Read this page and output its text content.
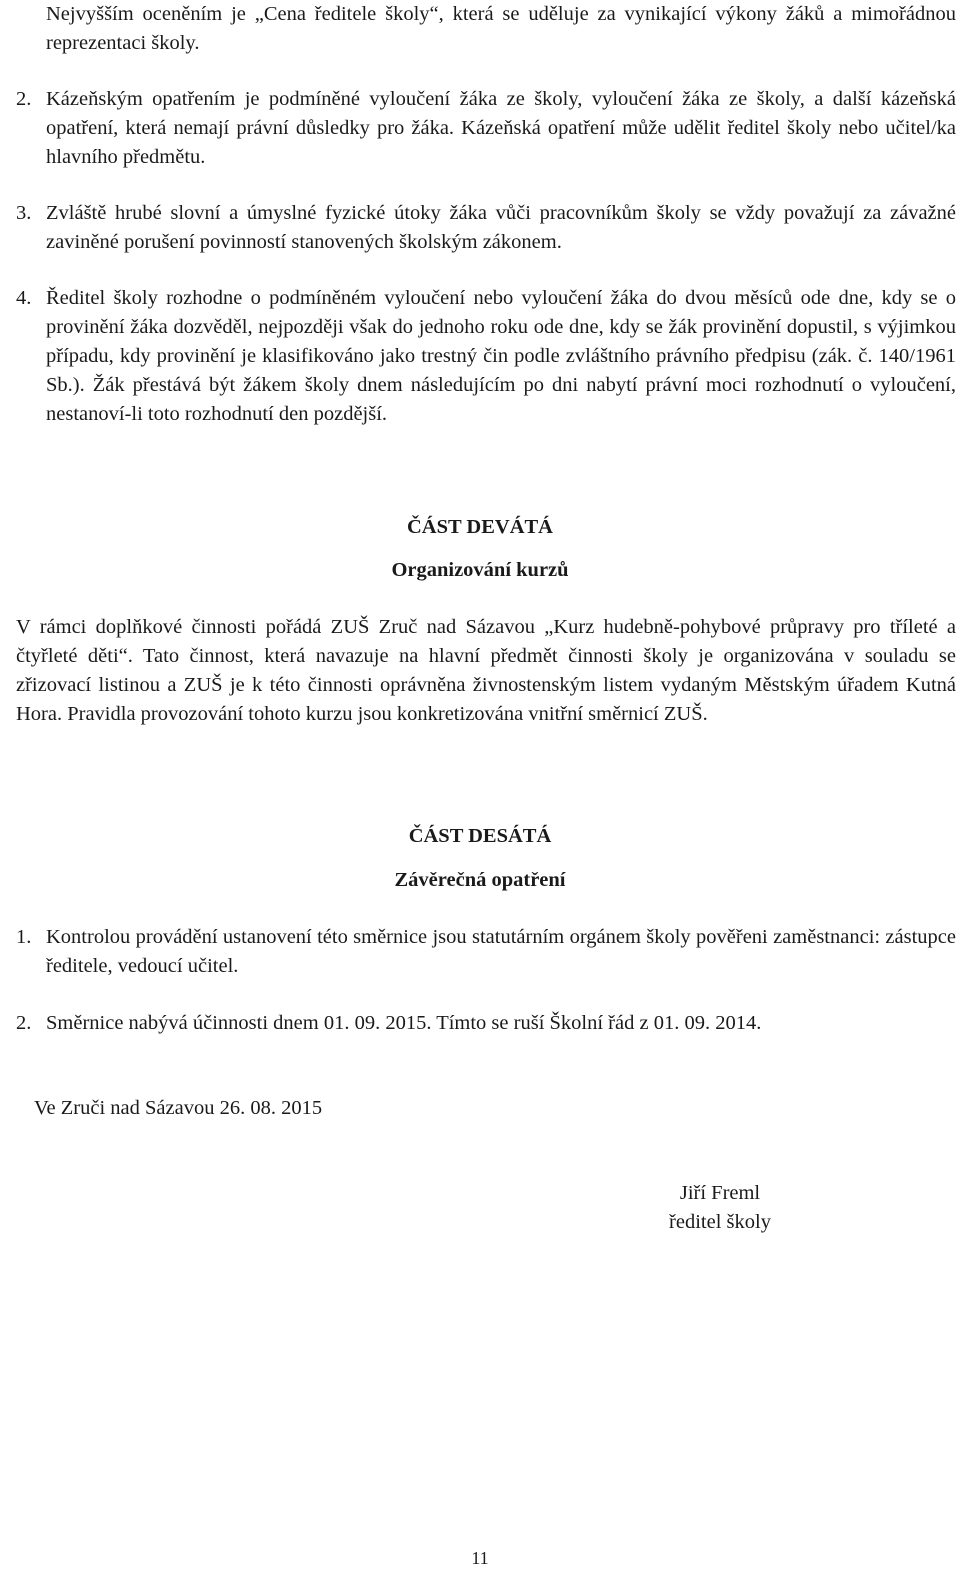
Nejvyšším oceněním je „Cena ředitele školy“, která se uděluje za vynikající výkony žáků a mimořádnou reprezentaci školy.
2. Kázeňským opatřením je podmíněné vyloučení žáka ze školy, vyloučení žáka ze školy, a další kázeňská opatření, která nemají právní důsledky pro žáka. Kázeňská opatření může udělit ředitel školy nebo učitel/ka hlavního předmětu.
3. Zvláště hrubé slovní a úmyslné fyzické útoky žáka vůči pracovníkům školy se vždy považují za závažné zaviněné porušení povinností stanovených školským zákonem.
4. Ředitel školy rozhodne o podmíněném vyloučení nebo vyloučení žáka do dvou měsíců ode dne, kdy se o provinění žáka dozvěděl, nejpozději však do jednoho roku ode dne, kdy se žák provinění dopustil, s výjimkou případu, kdy provinění je klasifikováno jako trestný čin podle zvláštního právního předpisu (zák. č. 140/1961 Sb.). Žák přestává být žákem školy dnem následujícím po dni nabytí právní moci rozhodnutí o vyloučení, nestanoví-li toto rozhodnutí den pozdější.
ČÁST DEVÁTÁ
Organizování kurzů
V rámci doplňkové činnosti pořádá ZUŠ Zruč nad Sázavou „Kurz hudebně-pohybové průpravy pro tříleté a čtyřleté děti“. Tato činnost, která navazuje na hlavní předmět činnosti školy je organizována v souladu se zřizovací listinou a ZUŠ je k této činnosti oprávněna živnostenským listem vydaným Městským úřadem Kutná Hora. Pravidla provozování tohoto kurzu jsou konkretizována vnitřní směrnicí ZUŠ.
ČÁST DESÁTÁ
Závěrečná opatření
1. Kontrolou provádění ustanovení této směrnice jsou statutárním orgánem školy pověřeni zaměstnanci: zástupce ředitele, vedoucí učitel.
2. Směrnice nabývá účinnosti dnem 01. 09. 2015. Tímto se ruší Školní řád z 01. 09. 2014.
Ve Zruči nad Sázavou 26. 08. 2015
Jiří Freml
ředitel školy
11
